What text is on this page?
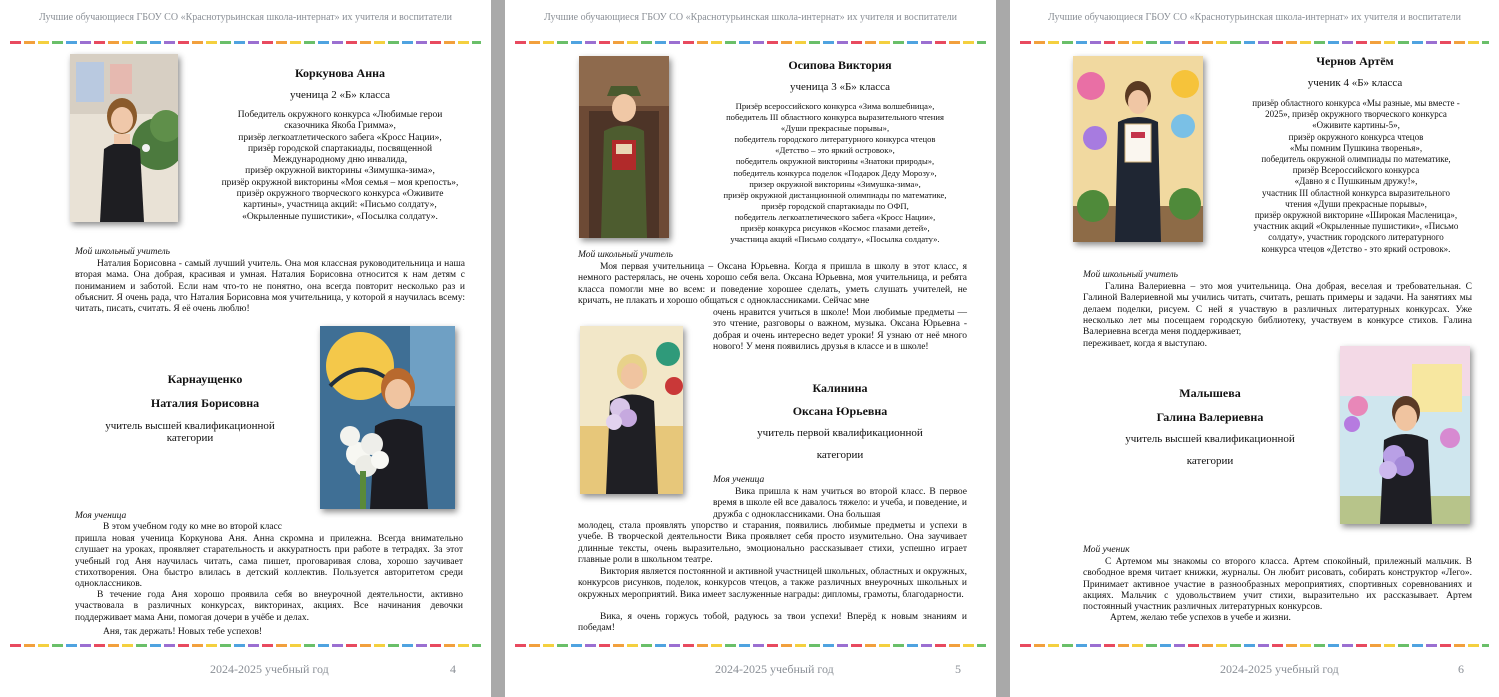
Лучшие обучающиеся ГБОУ СО «Краснотурьинская школа-интернат» их учителя и воспитатели
Коркунова Анна
ученица 2 «Б» класса

Победитель окружного конкурса «Любимые герои

сказочника Якоба Гримма»,

призёр легкоатлетического забега «Кросс Нации»,

призёр городской спартакиады, посвященной

Международному дню инвалида,

призёр окружной викторины «Зимушка-зима»,

призёр окружной викторины «Моя семья – моя крепость»,

призёр окружного творческого конкурса «Оживите

картины», участница акций: «Письмо солдату»,

«Окрыленные пушистики», «Посылка солдату».

Мой школьный учитель
Наталия Борисовна - самый лучший учитель. Она моя классная руководительница и наша вторая мама. Она добрая, красивая и умная. Наталия Борисовна относится к нам детям с пониманием и заботой. Если нам что-то не понятно, она всегда повторит несколько раз и объяснит. Я очень рада, что Наталия Борисовна моя учительница, у которой я научилась всему: читать, писать, считать. Я её очень люблю!
Карнаущенко
Наталия Борисовна
учитель высшей квалификационной категории
Моя ученица
В этом учебном году ко мне во второй класс
пришла новая ученица Коркунова Аня. Анна скромна и прилежна. Всегда внимательно слушает на уроках, проявляет старательность и аккуратность при работе в тетрадях. За этот учебный год Аня научилась читать, сама пишет, проговаривая слова, хорошо заучивает стихотворения. Она быстро влилась в детский коллектив. Пользуется авторитетом среди одноклассников.
В течение года Аня хорошо проявила себя во внеурочной деятельности, активно участвовала в различных конкурсах, викторинах, акциях. Все начинания девочки поддерживает мама Ани, помогая дочери в учёбе и делах.
Аня, так держать! Новых тебе успехов!
2024-2025 учебный год	4
Лучшие обучающиеся ГБОУ СО «Краснотурьинская школа-интернат» их учителя и воспитатели
Осипова Виктория
ученица 3 «Б» класса

Призёр всероссийского конкурса «Зима волшебница»,

победитель III областного конкурса выразительного чтения

«Души прекрасные порывы»,

победитель городского литературного конкурса чтецов

«Детство – это яркий островок»,

победитель окружной викторины «Знатоки природы»,

победитель конкурса поделок «Подарок Деду Морозу»,

призер окружной викторины «Зимушка-зима»,

призёр окружной дистанционной олимпиады по математике,

призёр городской спартакиады по ОФП,

победитель легкоатлетического забега «Кросс Нации»,

призёр конкурса рисунков «Космос глазами детей»,

участница акций «Письмо солдату», «Посылка солдату».

Мой школьный учитель
Моя первая учительница – Оксана Юрьевна. Когда я пришла в школу в этот класс, я немного растерялась, не очень хорошо себя вела. Оксана Юрьевна, моя учительница, и ребята класса помогли мне во всем: и поведение хорошее сделать, уметь слушать учителей, не кричать, не плакать и хорошо общаться с одноклассниками. Сейчас мне
очень нравится учиться в школе! Мои любимые предметы — это чтение, разговоры о важном, музыка. Оксана Юрьевна - добрая и очень интересно ведет уроки! Я узнаю от неё много нового! У меня появились друзья в классе и в школе!
Калинина
Оксана Юрьевна
учитель первой квалификационной
категории
Моя ученица
Вика пришла к нам учиться во второй класс. В первое время в школе ей все давалось тяжело: и учеба, и поведение, и дружба с одноклассниками. Она большая
молодец, стала проявлять упорство и старания, появились любимые предметы и успехи в учебе. В творческой деятельности Вика проявляет себя просто изумительно. Она заучивает длинные тексты, очень выразительно, эмоционально рассказывает стихи, успешно играет главные роли в школьном театре.
Виктория является постоянной и активной участницей школьных, областных и окружных, конкурсов рисунков, поделок, конкурсов чтецов, а также различных внеурочных школьных и окружных мероприятий. Вика имеет заслуженные награды: дипломы, грамоты, благодарности.
Вика, я очень горжусь тобой, радуюсь за твои успехи! Вперёд к новым знаниям и победам!
2024-2025 учебный год	5
Лучшие обучающиеся ГБОУ СО «Краснотурьинская школа-интернат» их учителя и воспитатели
Чернов Артём
ученик 4 «Б» класса

призёр областного конкурса «Мы разные, мы вместе -

2025», призёр окружного творческого конкурса

«Оживите картины-5»,

призёр окружного конкурса чтецов

«Мы помним Пушкина творенья»,

победитель окружной олимпиады по математике,

призёр Всероссийского конкурса

«Давно я с Пушкиным дружу!»,

участник III областной конкурса выразительного

чтения «Души прекрасные порывы»,

призёр окружной викторине «Широкая Масленица»,

участник акций «Окрыленные пушистики», «Письмо

солдату», участник городского литературного

конкурса чтецов «Детство - это яркий островок».

Мой школьный учитель
Галина Валериевна – это моя учительница. Она добрая, веселая и требовательная. С Галиной Валериевной мы учились читать, считать, решать примеры и задачи. На занятиях мы делаем поделки, рисуем. С ней я участвую в различных литературных конкурсах. Уже несколько лет мы посещаем городскую библиотеку, участвуем в конкурсе стихов. Галина Валериевна всегда меня поддерживает,
переживает, когда я выступаю.
Малышева
Галина Валериевна
учитель высшей квалификационной
категории
Мой ученик
С Артемом мы знакомы со второго класса. Артем спокойный, прилежный мальчик. В свободное время читает книжки, журналы. Он любит рисовать, собирать конструктор «Лего». Принимает активное участие в разнообразных мероприятиях, спортивных соревнованиях и акциях. Мальчик с удовольствием учит стихи, выразительно их рассказывает. Артем постоянный участник различных литературных конкурсов.
Артем, желаю тебе успехов в учебе и жизни.
2024-2025 учебный год	6
